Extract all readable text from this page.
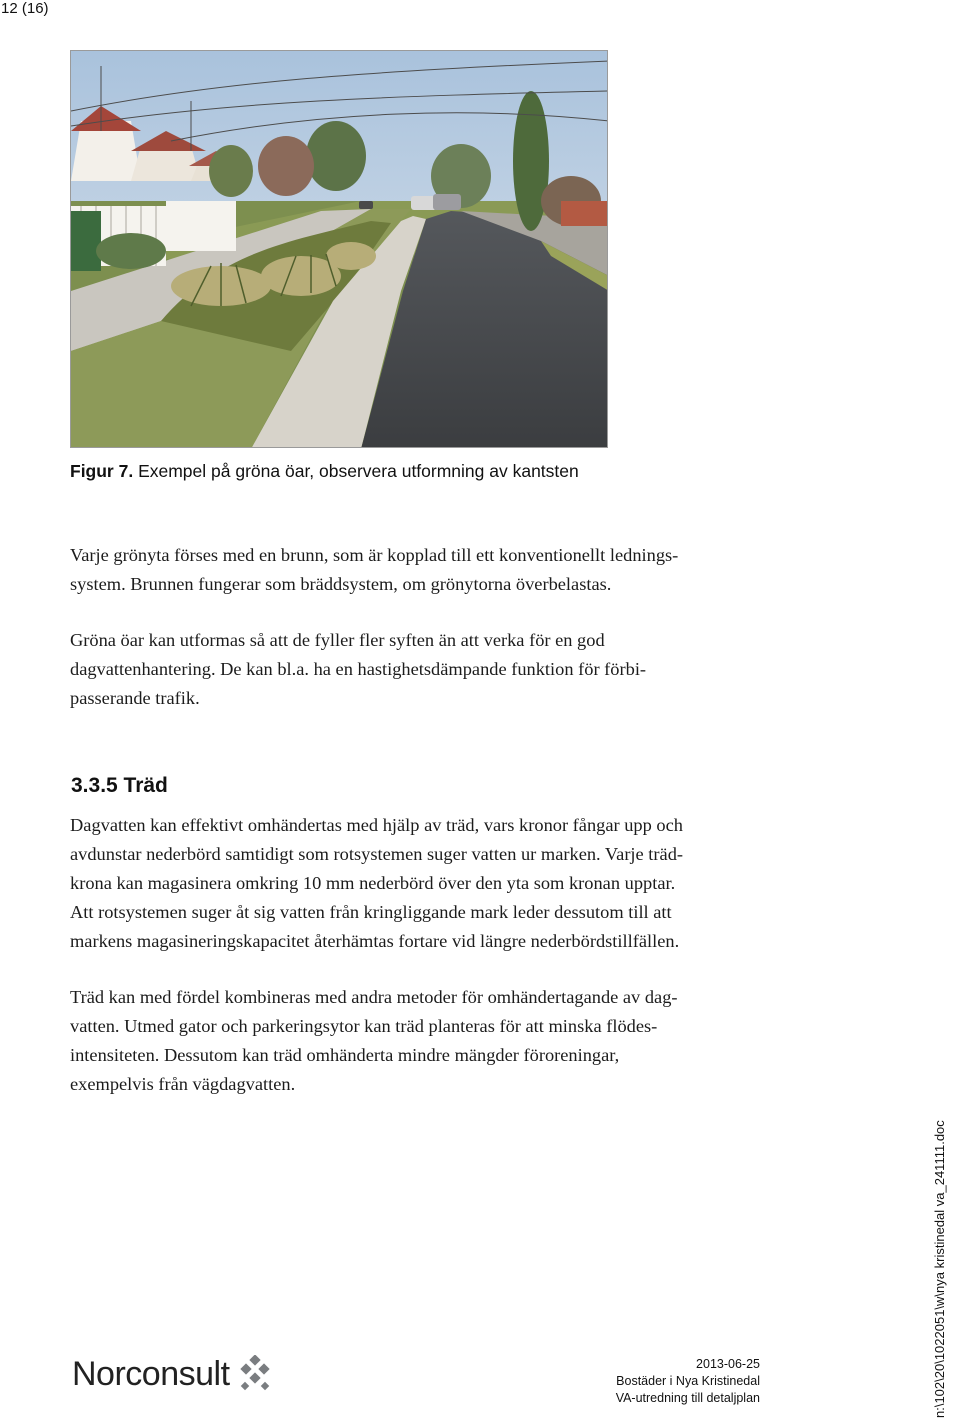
12 (16)
Figur 7. Exempel på gröna öar, observera utformning av kantsten
Varje grönyta förses med en brunn, som är kopplad till ett konventionellt lednings-
system. Brunnen fungerar som bräddsystem, om grönytorna överbelastas.
Gröna öar kan utformas så att de fyller fler syften än att verka för en god
dagvattenhantering. De kan bl.a. ha en hastighetsdämpande funktion för förbi-
passerande trafik.
3.3.5 Träd
Dagvatten kan effektivt omhändertas med hjälp av träd, vars kronor fångar upp och
avdunstar nederbörd samtidigt som rotsystemen suger vatten ur marken. Varje träd-
krona kan magasinera omkring 10 mm nederbörd över den yta som kronan upptar.
Att rotsystemen suger åt sig vatten från kringliggande mark leder dessutom till att
markens magasineringskapacitet återhämtas fortare vid längre nederbördstillfällen.
Träd kan med fördel kombineras med andra metoder för omhändertagande av dag-
vatten. Utmed gator och parkeringsytor kan träd planteras för att minska flödes-
intensiteten. Dessutom kan träd omhänderta mindre mängder föroreningar,
exempelvis från vägdagvatten.
Norconsult	2013-06-25
Bostäder i Nya Kristinedal
VA-utredning till detaljplan	n:\102\20\1022051\w\nya kristinedal va_241111.doc
